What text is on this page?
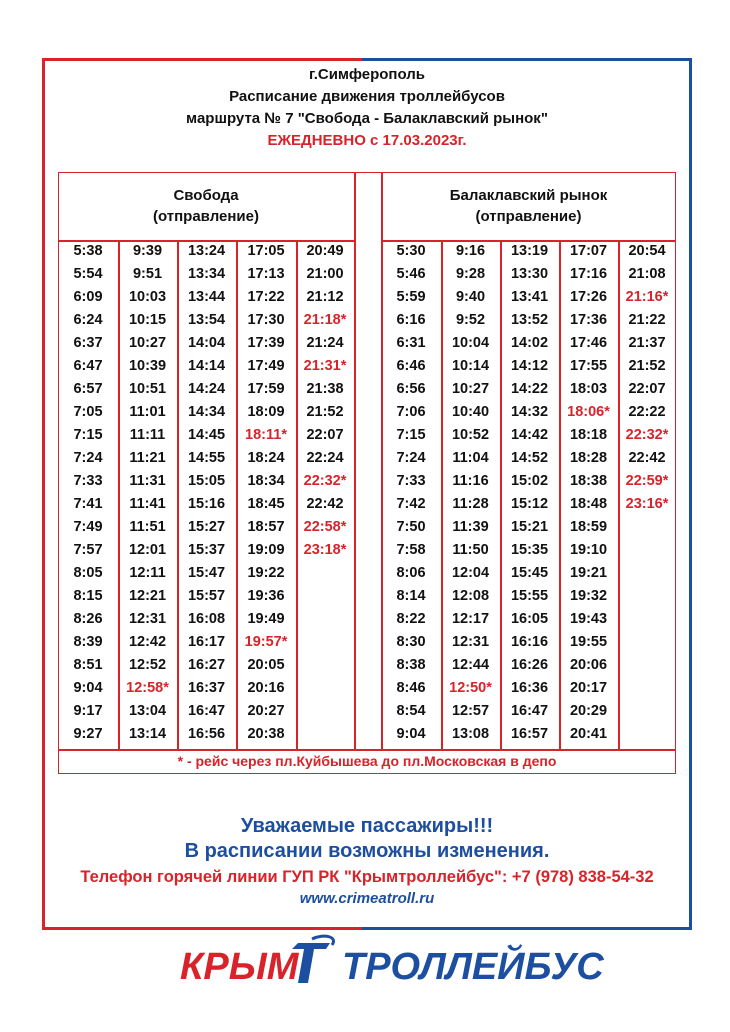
г.Симферополь
Расписание движения троллейбусов
маршрута № 7 "Свобода - Балаклавский рынок"
ЕЖЕДНЕВНО с 17.03.2023г.
Свобода
(отправление)
Балаклавский рынок
(отправление)
5:38
5:54
6:09
6:24
6:37
6:47
6:57
7:05
7:15
7:24
7:33
7:41
7:49
7:57
8:05
8:15
8:26
8:39
8:51
9:04
9:17
9:27
9:39
9:51
10:03
10:15
10:27
10:39
10:51
11:01
11:11
11:21
11:31
11:41
11:51
12:01
12:11
12:21
12:31
12:42
12:52
12:58*
13:04
13:14
13:24
13:34
13:44
13:54
14:04
14:14
14:24
14:34
14:45
14:55
15:05
15:16
15:27
15:37
15:47
15:57
16:08
16:17
16:27
16:37
16:47
16:56
17:05
17:13
17:22
17:30
17:39
17:49
17:59
18:09
18:11*
18:24
18:34
18:45
18:57
19:09
19:22
19:36
19:49
19:57*
20:05
20:16
20:27
20:38
20:49
21:00
21:12
21:18*
21:24
21:31*
21:38
21:52
22:07
22:24
22:32*
22:42
22:58*
23:18*
5:30
5:46
5:59
6:16
6:31
6:46
6:56
7:06
7:15
7:24
7:33
7:42
7:50
7:58
8:06
8:14
8:22
8:30
8:38
8:46
8:54
9:04
9:16
9:28
9:40
9:52
10:04
10:14
10:27
10:40
10:52
11:04
11:16
11:28
11:39
11:50
12:04
12:08
12:17
12:31
12:44
12:50*
12:57
13:08
13:19
13:30
13:41
13:52
14:02
14:12
14:22
14:32
14:42
14:52
15:02
15:12
15:21
15:35
15:45
15:55
16:05
16:16
16:26
16:36
16:47
16:57
17:07
17:16
17:26
17:36
17:46
17:55
18:03
18:06*
18:18
18:28
18:38
18:48
18:59
19:10
19:21
19:32
19:43
19:55
20:06
20:17
20:29
20:41
20:54
21:08
21:16*
21:22
21:37
21:52
22:07
22:22
22:32*
22:42
22:59*
23:16*
* - рейс через пл.Куйбышева до пл.Московская в депо
Уважаемые пассажиры!!!
В расписании возможны изменения.
Телефон горячей линии ГУП РК "Крымтроллейбус": +7 (978) 838-54-32
www.crimeatroll.ru
КРЫМ ТРОЛЛЕЙБУС
